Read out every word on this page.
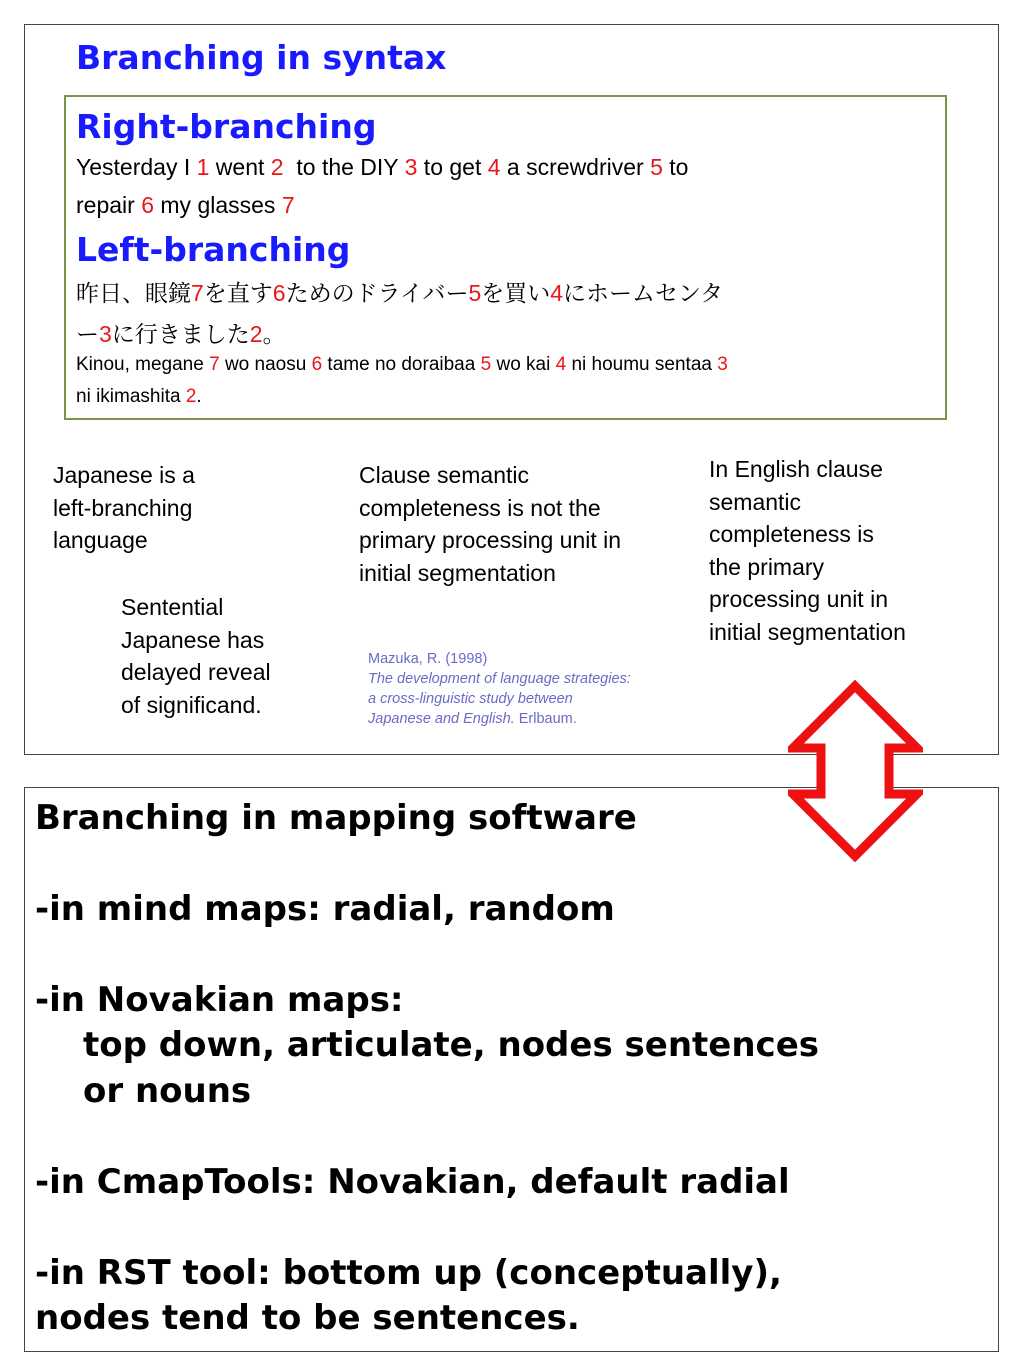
Branching in syntax
Right-branching
Yesterday I 1 went 2  to the DIY 3 to get 4 a screwdriver 5 to
repair 6 my glasses 7
Left-branching
昨日、眼鏡7を直す6ためのドライバー5を買い4にホームセンタ
ー3に行きました2。
Kinou, megane 7 wo naosu 6 tame no doraibaa 5 wo kai 4 ni houmu sentaa 3
ni ikimashita 2.
Japanese is a
left-branching
language
Clause semantic
completeness is not the
primary processing unit in
initial segmentation
In English clause
semantic
completeness is
the primary
processing unit in
initial segmentation
Sentential
Japanese has
delayed reveal
of significand.
Mazuka, R. (1998)
The development of language strategies:
a cross-linguistic study between
Japanese and English. Erlbaum.
Branching in mapping software
-in mind maps: radial, random
-in Novakian maps:
top down, articulate, nodes sentences
or nouns
-in CmapTools: Novakian, default radial
-in RST tool: bottom up (conceptually),
nodes tend to be sentences.
